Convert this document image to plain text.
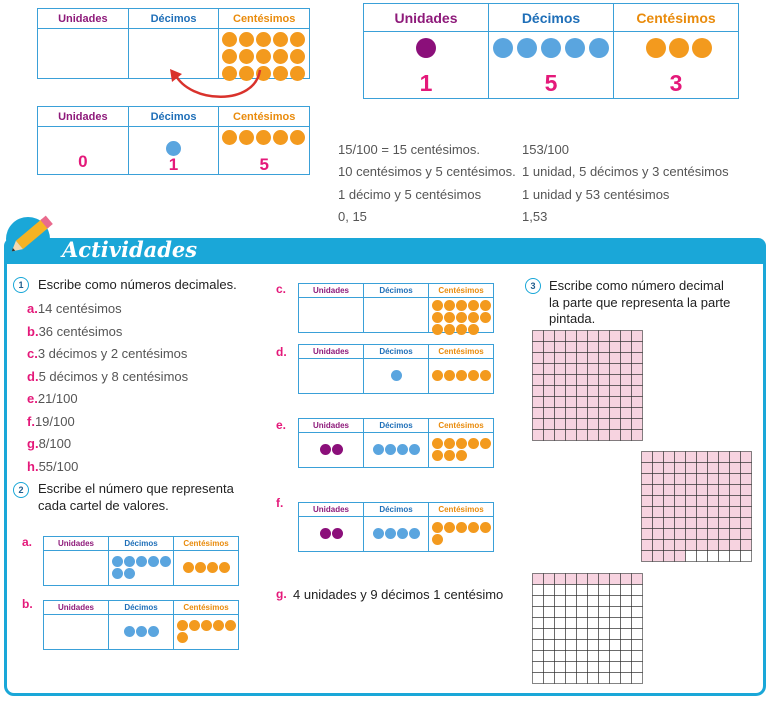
Unidades	Décimos	Centésimos
Unidades	Décimos	Centésimos
0	1	5
Unidades	Décimos	Centésimos
1	5	3
15/100 = 15 centésimos.
10 centésimos y 5 centésimos.
1 décimo y 5 centésimos
0, 15
153/100
1 unidad, 5 décimos y 3 centésimos
1 unidad y 53 centésimos
1,53
Actividades
1	Escribe como números decimales.
a.14 centésimos
b.36 centésimos
c.3 décimos y 2 centésimos
d.5 décimos y 8 centésimos
e.21/100
f.19/100
g.8/100
h.55/100
2	Escribe el número que representa
cada cartel de valores.
a.
b.
c.
d.
e.
f.
g. 4 unidades y 9 décimos 1 centésimo
Unidades	Décimos	Centésimos
Unidades	Décimos	Centésimos
Unidades	Décimos	Centésimos
Unidades	Décimos	Centésimos
Unidades	Décimos	Centésimos
Unidades	Décimos	Centésimos
3	Escribe como número decimal
la parte que representa la parte
pintada.
